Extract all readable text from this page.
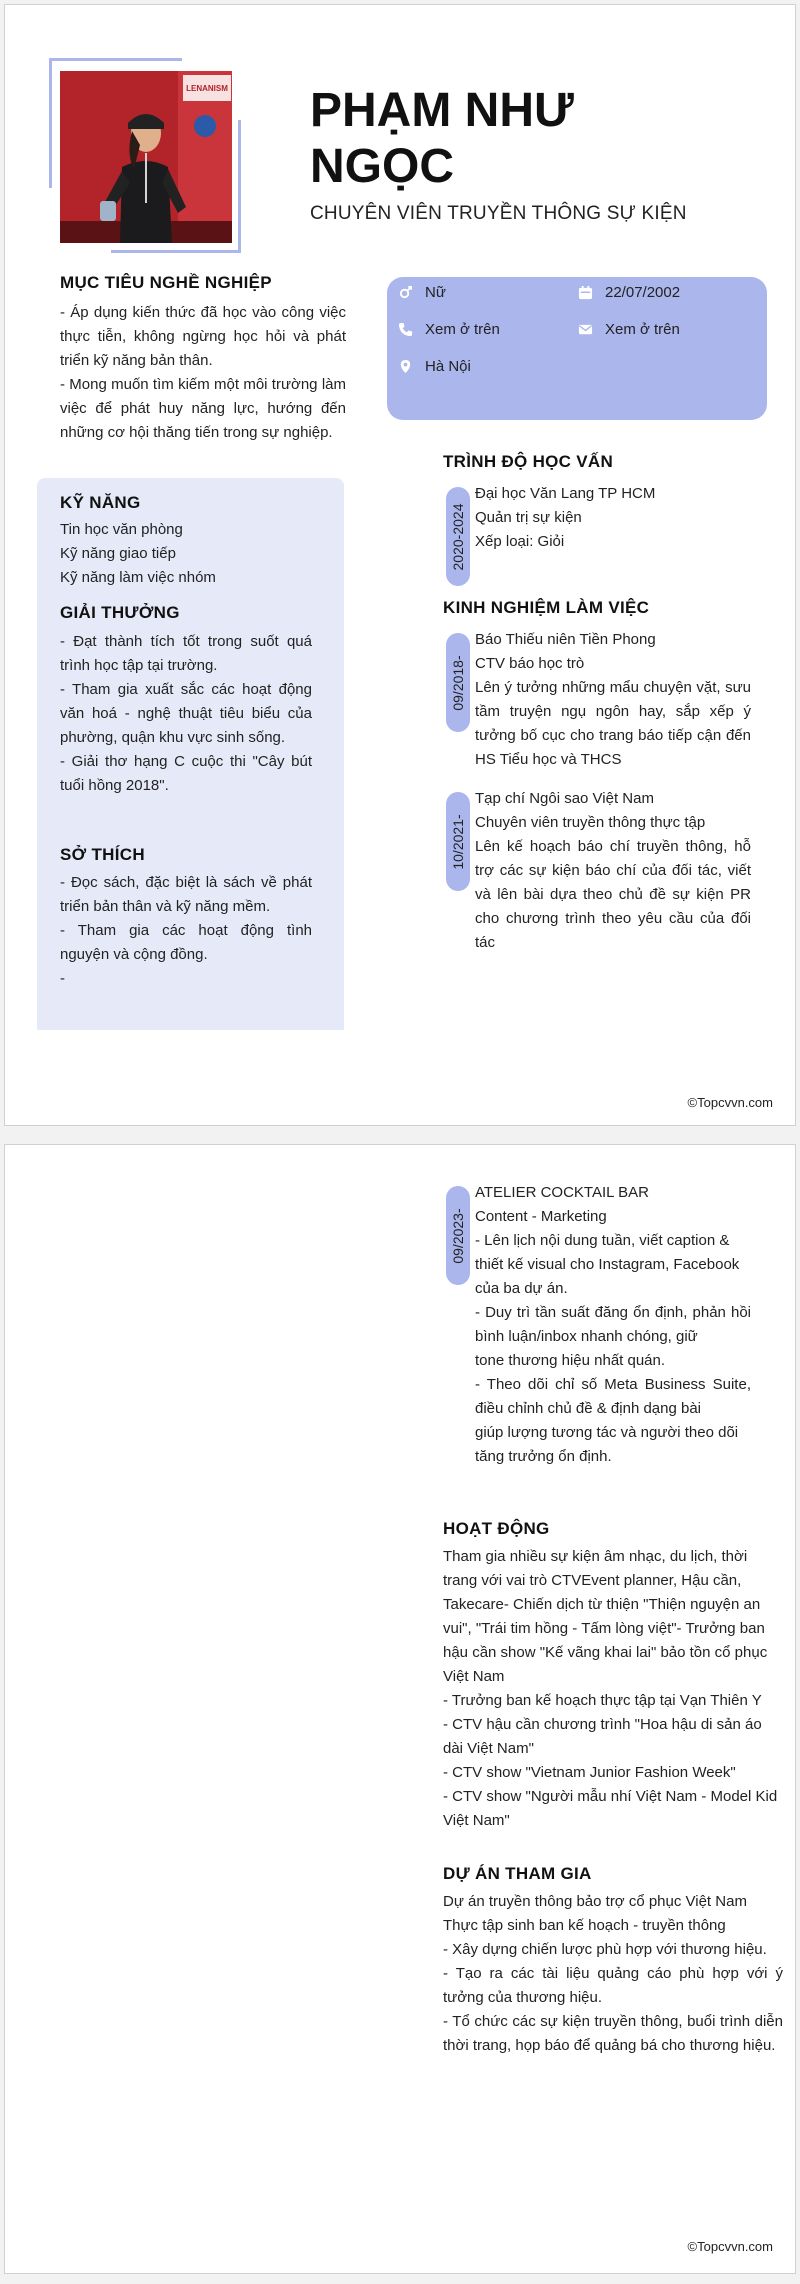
LENANISM PHẠM NHƯ
NGỌC
CHUYÊN VIÊN TRUYỀN THÔNG SỰ KIỆN
MỤC TIÊU NGHỀ NGHIỆP

- Áp dụng kiến thức đã học vào công việc thực tiễn, không ngừng học hỏi và phát triển kỹ năng bản thân.

- Mong muốn tìm kiếm một môi trường làm việc để phát huy năng lực, hướng đến những cơ hội thăng tiến trong sự nghiệp.

KỸ NĂNG

Tin học văn phòng

Kỹ năng giao tiếp

Kỹ năng làm việc nhóm

GIẢI THƯỞNG

- Đạt thành tích tốt trong suốt quá trình học tập tại trường.

- Tham gia xuất sắc các hoạt động văn hoá - nghệ thuật tiêu biểu của phường, quận khu vực sinh sống.

- Giải thơ hạng C cuộc thi "Cây bút tuổi hồng 2018".

SỞ THÍCH

- Đọc sách, đặc biệt là sách về phát triển bản thân và kỹ năng mềm.

- Tham gia các hoạt động tình nguyện và cộng đồng.

-

Nữ	22/07/2002
Xem ở trên	Xem ở trên
Hà Nội
TRÌNH ĐỘ HỌC VẤN
2020-2024

Đại học Văn Lang TP HCM

Quản trị sự kiện

Xếp loại: Giỏi

KINH NGHIỆM LÀM VIỆC
09/2018-

Báo Thiếu niên Tiền Phong

CTV báo học trò

Lên ý tưởng những mẩu chuyện vặt, sưu tầm truyện ngụ ngôn hay, sắp xếp ý tưởng bố cục cho trang báo tiếp cận đến HS Tiểu học và THCS

10/2021-

Tạp chí Ngôi sao Việt Nam

Chuyên viên truyền thông thực tập

Lên kế hoạch báo chí truyền thông, hỗ trợ các sự kiện báo chí của đối tác, viết và lên bài dựa theo chủ đề sự kiện PR cho chương trình theo yêu cầu của đối tác

©Topcvvn.com
09/2023-

ATELIER COCKTAIL BAR

Content - Marketing

- Lên lịch nội dung tuần, viết caption & thiết kế visual cho Instagram, Facebook của ba dự án.

- Duy trì tần suất đăng ổn định, phản hồi bình luận/inbox nhanh chóng, giữ

tone thương hiệu nhất quán.

- Theo dõi chỉ số Meta Business Suite, điều chỉnh chủ đề & định dạng bài

giúp lượng tương tác và người theo dõi tăng trưởng ổn định.

HOẠT ĐỘNG

Tham gia nhiều sự kiện âm nhạc, du lịch, thời trang với vai trò CTVEvent planner, Hậu cần, Takecare- Chiến dịch từ thiện "Thiện nguyện an vui", "Trái tim hồng - Tấm lòng việt"- Trưởng ban hậu cần show "Kế vãng khai lai" bảo tồn cổ phục Việt Nam

- Trưởng ban kế hoạch thực tập tại Vạn Thiên Y

- CTV hậu cần chương trình "Hoa hậu di sản áo dài Việt Nam"

- CTV show "Vietnam Junior Fashion Week"

- CTV show "Người mẫu nhí Việt Nam - Model Kid Việt Nam"

DỰ ÁN THAM GIA

Dự án truyền thông bảo trợ cổ phục Việt Nam

Thực tập sinh ban kế hoạch - truyền thông

- Xây dựng chiến lược phù hợp với thương hiệu.

- Tạo ra các tài liệu quảng cáo phù hợp với ý tưởng của thương hiệu.

- Tổ chức các sự kiện truyền thông, buổi trình diễn thời trang, họp báo để quảng bá cho thương hiệu.

©Topcvvn.com
